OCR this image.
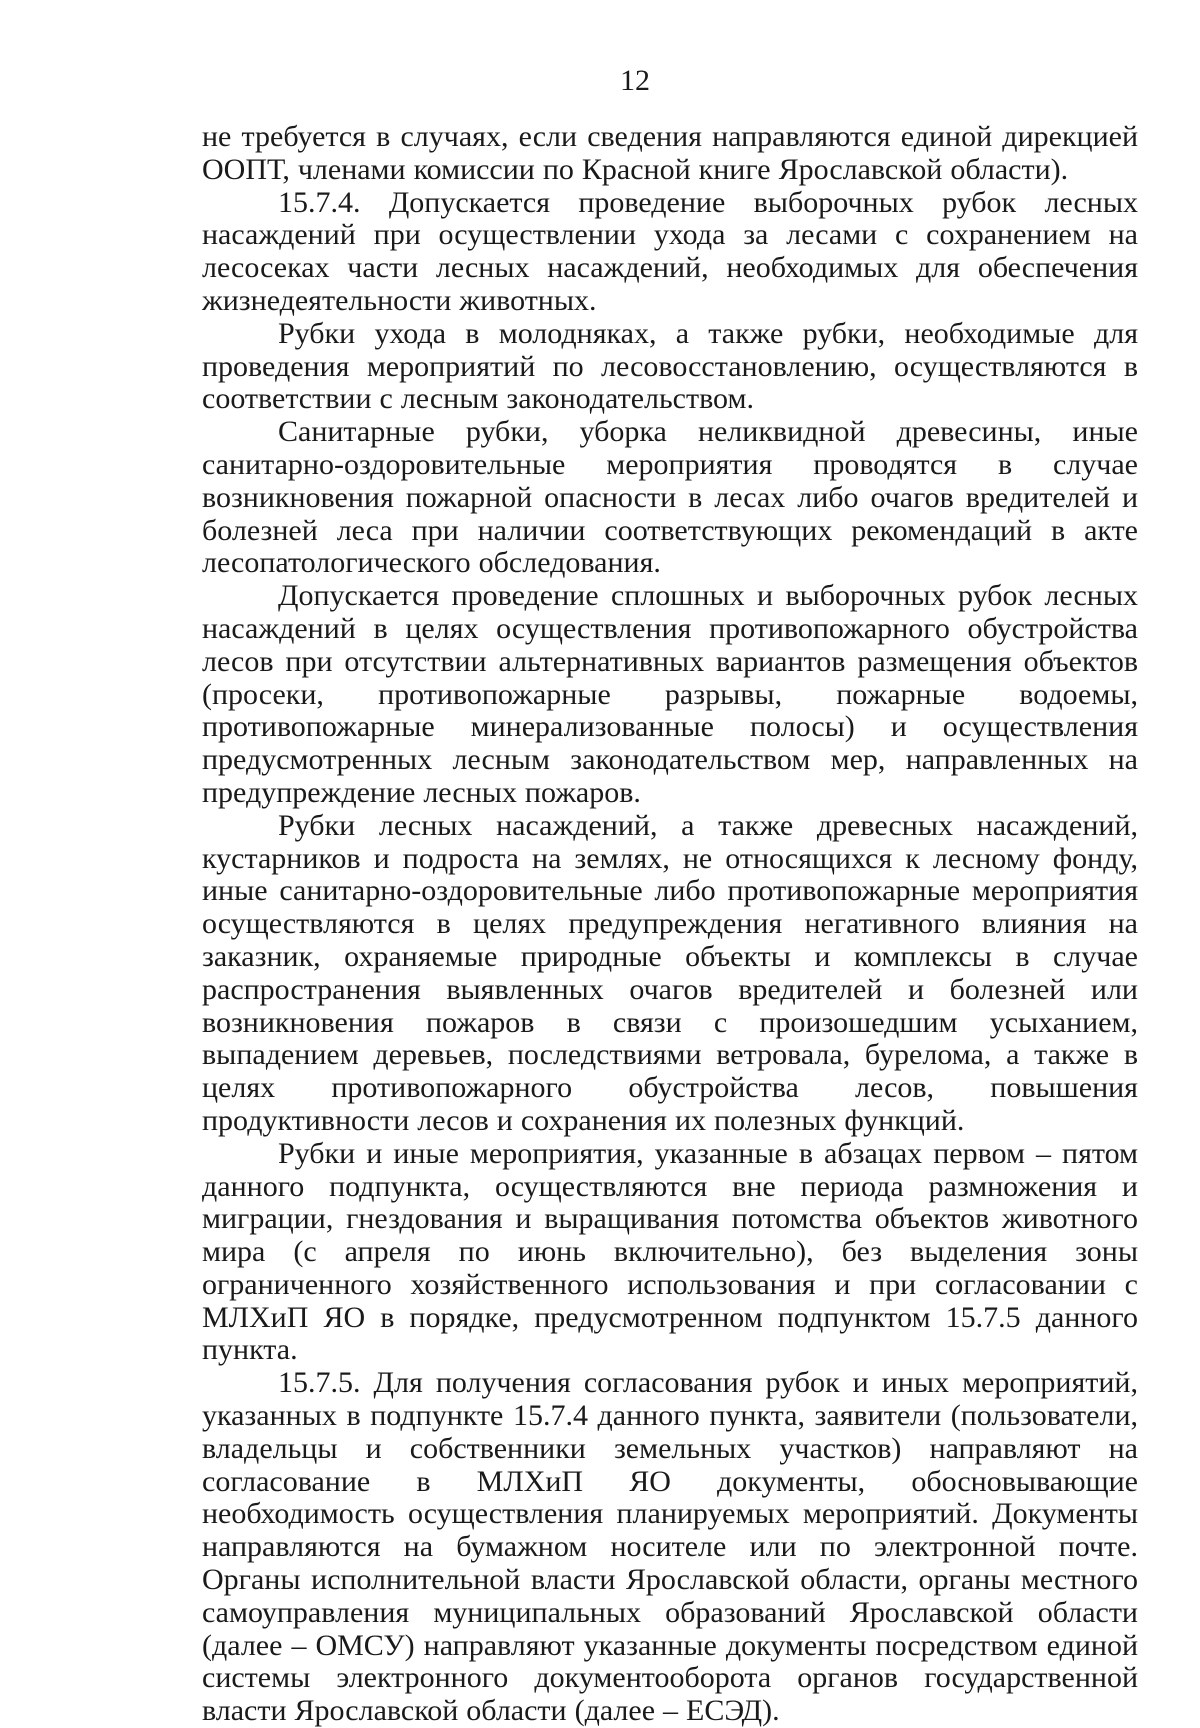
12

не требуется в случаях, если сведения направляются единой дирекцией ООПТ, членами комиссии по Красной книге Ярославской области).

15.7.4. Допускается проведение выборочных рубок лесных насаждений при осуществлении ухода за лесами с сохранением на лесосеках части лесных насаждений, необходимых для обеспечения жизнедеятельности животных.

Рубки ухода в молодняках, а также рубки, необходимые для проведения мероприятий по лесовосстановлению, осуществляются в соответствии с лесным законодательством.

Санитарные рубки, уборка неликвидной древесины, иные санитарно-оздоровительные мероприятия проводятся в случае возникновения пожарной опасности в лесах либо очагов вредителей и болезней леса при наличии соответствующих рекомендаций в акте лесопатологического обследования.

Допускается проведение сплошных и выборочных рубок лесных насаждений в целях осуществления противопожарного обустройства лесов при отсутствии альтернативных вариантов размещения объектов (просеки, противопожарные разрывы, пожарные водоемы, противопожарные минерализованные полосы) и осуществления предусмотренных лесным законодательством мер, направленных на предупреждение лесных пожаров.

Рубки лесных насаждений, а также древесных насаждений, кустарников и подроста на землях, не относящихся к лесному фонду, иные санитарно-оздоровительные либо противопожарные мероприятия осуществляются в целях предупреждения негативного влияния на заказник, охраняемые природные объекты и комплексы в случае распространения выявленных очагов вредителей и болезней или возникновения пожаров в связи с произошедшим усыханием, выпадением деревьев, последствиями ветровала, бурелома, а также в целях противопожарного обустройства лесов, повышения продуктивности лесов и сохранения их полезных функций.

Рубки и иные мероприятия, указанные в абзацах первом – пятом данного подпункта, осуществляются вне периода размножения и миграции, гнездования и выращивания потомства объектов животного мира (с апреля по июнь включительно), без выделения зоны ограниченного хозяйственного использования и при согласовании с МЛХиП ЯО в порядке, предусмотренном подпунктом 15.7.5 данного пункта.

15.7.5. Для получения согласования рубок и иных мероприятий, указанных в подпункте 15.7.4 данного пункта, заявители (пользователи, владельцы и собственники земельных участков) направляют на согласование в МЛХиП ЯО документы, обосновывающие необходимость осуществления планируемых мероприятий. Документы направляются на бумажном носителе или по электронной почте. Органы исполнительной власти Ярославской области, органы местного самоуправления муниципальных образований Ярославской области (далее – ОМСУ) направляют указанные документы посредством единой системы электронного документооборота органов государственной власти Ярославской области (далее – ЕСЭД).
